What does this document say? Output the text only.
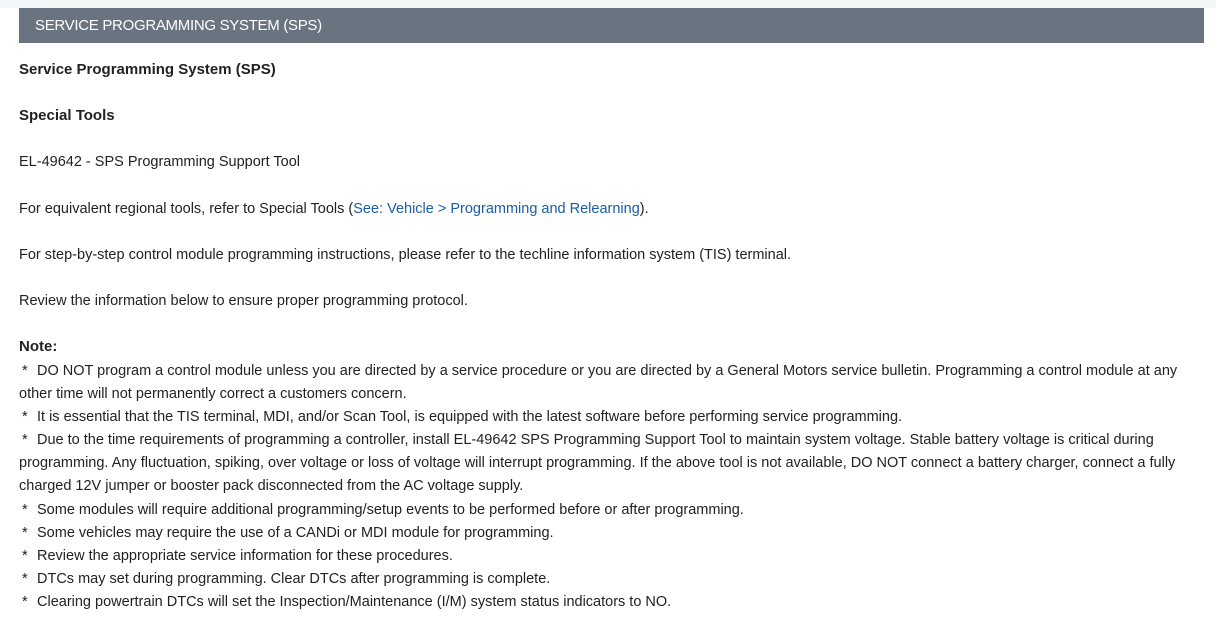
SERVICE PROGRAMMING SYSTEM (SPS)
Service Programming System (SPS)
Special Tools
EL-49642 - SPS Programming Support Tool
For equivalent regional tools, refer to Special Tools (See: Vehicle > Programming and Relearning).
For step-by-step control module programming instructions, please refer to the techline information system (TIS) terminal.
Review the information below to ensure proper programming protocol.
Note:

* DO NOT program a control module unless you are directed by a service procedure or you are directed by a General Motors service bulletin. Programming a control module at any other time will not permanently correct a customers concern.

* It is essential that the TIS terminal, MDI, and/or Scan Tool, is equipped with the latest software before performing service programming.

* Due to the time requirements of programming a controller, install EL-49642 SPS Programming Support Tool to maintain system voltage. Stable battery voltage is critical during programming. Any fluctuation, spiking, over voltage or loss of voltage will interrupt programming. If the above tool is not available, DO NOT connect a battery charger, connect a fully charged 12V jumper or booster pack disconnected from the AC voltage supply.

* Some modules will require additional programming/setup events to be performed before or after programming.

* Some vehicles may require the use of a CANDi or MDI module for programming.

* Review the appropriate service information for these procedures.

* DTCs may set during programming. Clear DTCs after programming is complete.

* Clearing powertrain DTCs will set the Inspection/Maintenance (I/M) system status indicators to NO.
